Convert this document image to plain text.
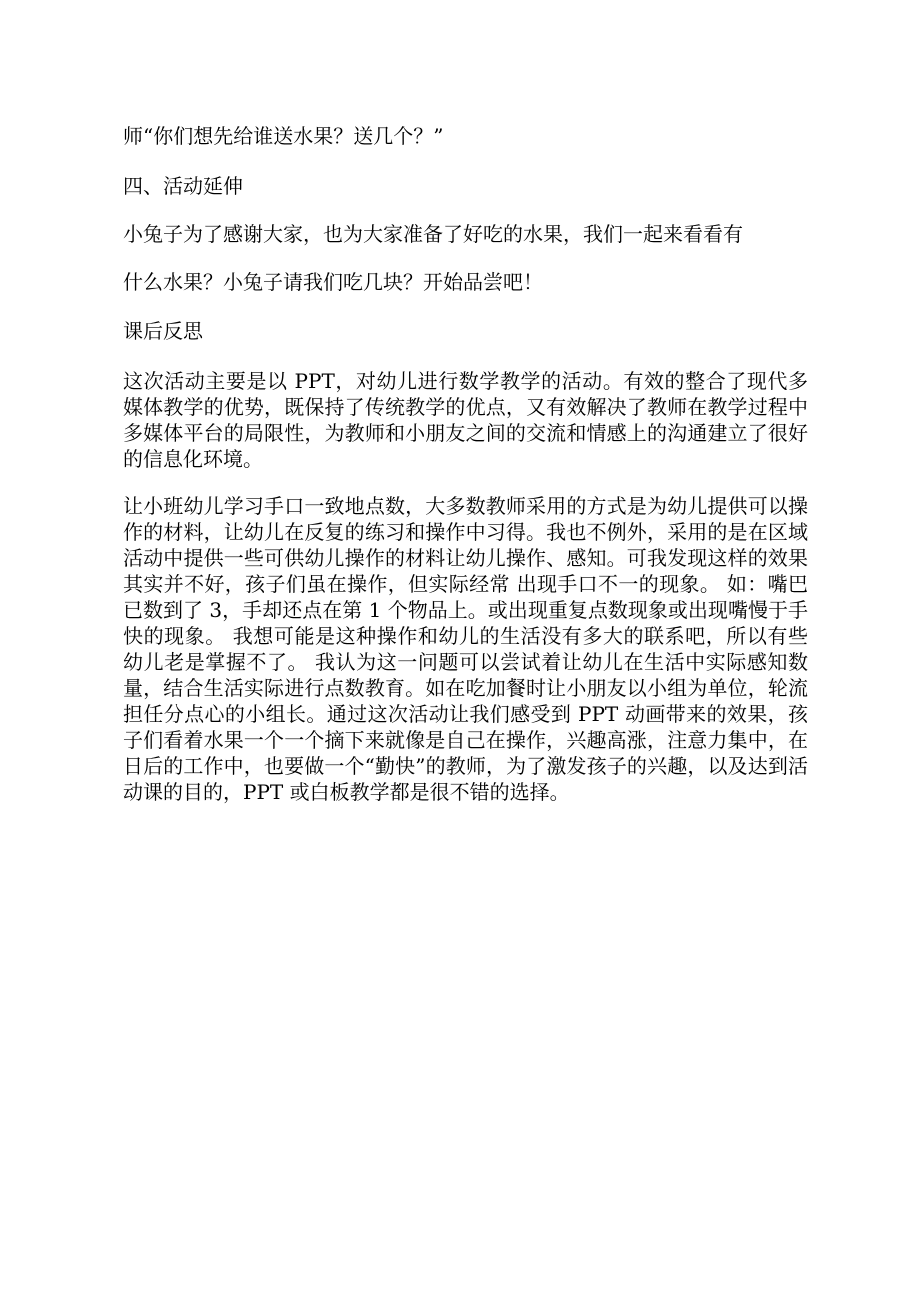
师“你们想先给谁送水果？送几个？”

四、活动延伸

小兔子为了感谢大家，也为大家准备了好吃的水果，我们一起来看看有

什么水果？小兔子请我们吃几块？开始品尝吧！

课后反思

这次活动主要是以 PPT，对幼儿进行数学教学的活动。有效的整合了现代多媒体教学的优势，既保持了传统教学的优点，又有效解决了教师在教学过程中多媒体平台的局限性，为教师和小朋友之间的交流和情感上的沟通建立了很好的信息化环境。

让小班幼儿学习手口一致地点数，大多数教师采用的方式是为幼儿提供可以操作的材料，让幼儿在反复的练习和操作中习得。我也不例外，采用的是在区域活动中提供一些可供幼儿操作的材料让幼儿操作、感知。可我发现这样的效果其实并不好，孩子们虽在操作，但实际经常 出现手口不一的现象。 如：嘴巴已数到了 3，手却还点在第 1 个物品上。或出现重复点数现象或出现嘴慢于手快的现象。 我想可能是这种操作和幼儿的生活没有多大的联系吧，所以有些幼儿老是掌握不了。 我认为这一问题可以尝试着让幼儿在生活中实际感知数量，结合生活实际进行点数教育。如在吃加餐时让小朋友以小组为单位，轮流担任分点心的小组长。通过这次活动让我们感受到 PPT 动画带来的效果，孩子们看着水果一个一个摘下来就像是自己在操作，兴趣高涨，注意力集中，在日后的工作中，也要做一个“勤快”的教师，为了激发孩子的兴趣，以及达到活动课的目的，PPT 或白板教学都是很不错的选择。
